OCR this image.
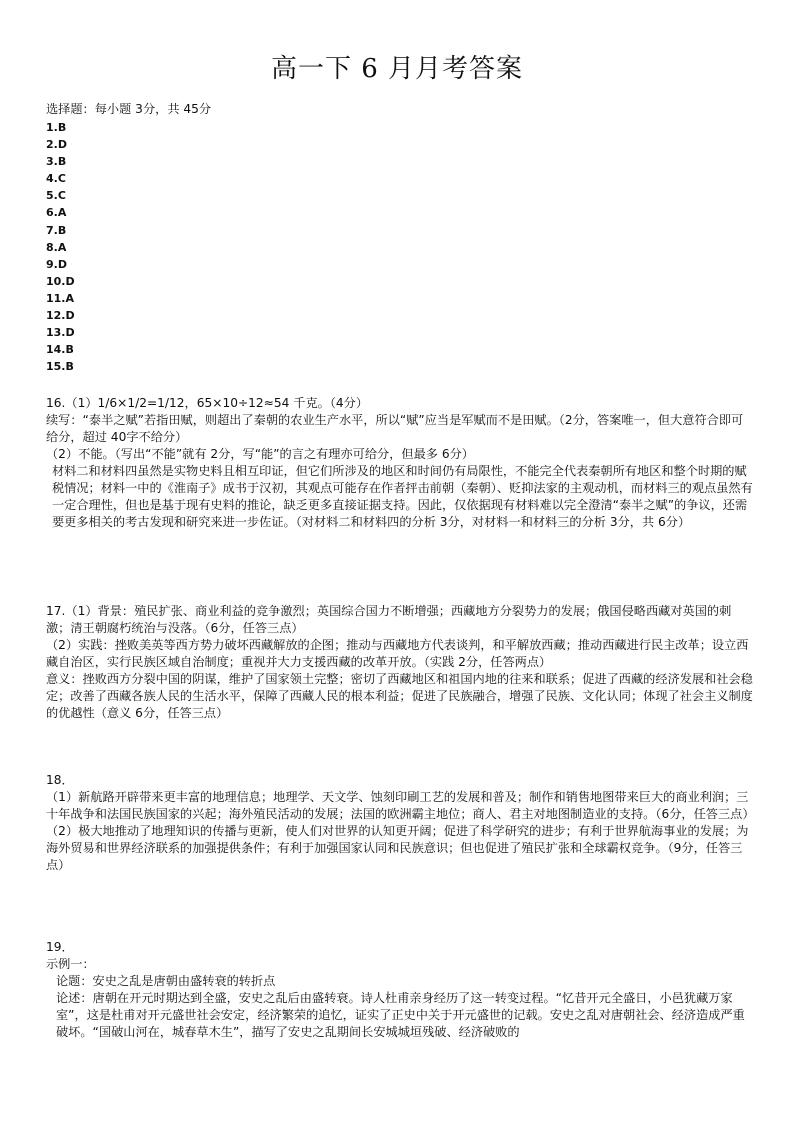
高一下 6 月月考答案
选择题：每小题 3分，共 45分
1.B
2.D
3.B
4.C
5.C
6.A
7.B
8.A
9.D
10.D
11.A
12.D
13.D
14.B
15.B

16.（1）1/6×1/2=1/12，65×10÷12≈54 千克。（4分）

续写：“泰半之赋”若指田赋，则超出了秦朝的农业生产水平，所以“赋”应当是军赋而不是田赋。（2分，答案唯一，但大意符合即可给分，超过 40字不给分）

（2）不能。（写出“不能”就有 2分，写“能”的言之有理亦可给分，但最多 6分）

材料二和材料四虽然是实物史料且相互印证，但它们所涉及的地区和时间仍有局限性，不能完全代表秦朝所有地区和整个时期的赋税情况；材料一中的《淮南子》成书于汉初，其观点可能存在作者抨击前朝（秦朝）、贬抑法家的主观动机，而材料三的观点虽然有一定合理性，但也是基于现有史料的推论，缺乏更多直接证据支持。因此，仅依据现有材料难以完全澄清“泰半之赋”的争议，还需要更多相关的考古发现和研究来进一步佐证。（对材料二和材料四的分析 3分，对材料一和材料三的分析 3分，共 6分）

17.（1）背景：殖民扩张、商业利益的竞争激烈；英国综合国力不断增强；西藏地方分裂势力的发展；俄国侵略西藏对英国的刺激；清王朝腐朽统治与没落。（6分，任答三点）

（2）实践：挫败美英等西方势力破坏西藏解放的企图；推动与西藏地方代表谈判，和平解放西藏；推动西藏进行民主改革；设立西藏自治区，实行民族区域自治制度；重视并大力支援西藏的改革开放。（实践 2分，任答两点）

意义：挫败西方分裂中国的阴谋，维护了国家领土完整；密切了西藏地区和祖国内地的往来和联系；促进了西藏的经济发展和社会稳定；改善了西藏各族人民的生活水平，保障了西藏人民的根本利益；促进了民族融合，增强了民族、文化认同；体现了社会主义制度的优越性（意义 6分，任答三点）

18．

（1）新航路开辟带来更丰富的地理信息；地理学、天文学、蚀刻印刷工艺的发展和普及；制作和销售地图带来巨大的商业利润；三十年战争和法国民族国家的兴起；海外殖民活动的发展；法国的欧洲霸主地位；商人、君主对地图制造业的支持。（6分，任答三点）

（2）极大地推动了地理知识的传播与更新，使人们对世界的认知更开阔；促进了科学研究的进步；有利于世界航海事业的发展；为海外贸易和世界经济联系的加强提供条件；有利于加强国家认同和民族意识；但也促进了殖民扩张和全球霸权竞争。（9分，任答三点）

19．

示例一：

论题：安史之乱是唐朝由盛转衰的转折点

论述：唐朝在开元时期达到全盛，安史之乱后由盛转衰。诗人杜甫亲身经历了这一转变过程。“忆昔开元全盛日，小邑犹藏万家室”，这是杜甫对开元盛世社会安定，经济繁荣的追忆，证实了正史中关于开元盛世的记载。安史之乱对唐朝社会、经济造成严重破坏。“国破山河在，城春草木生”，描写了安史之乱期间长安城城垣残破、经济破败的
